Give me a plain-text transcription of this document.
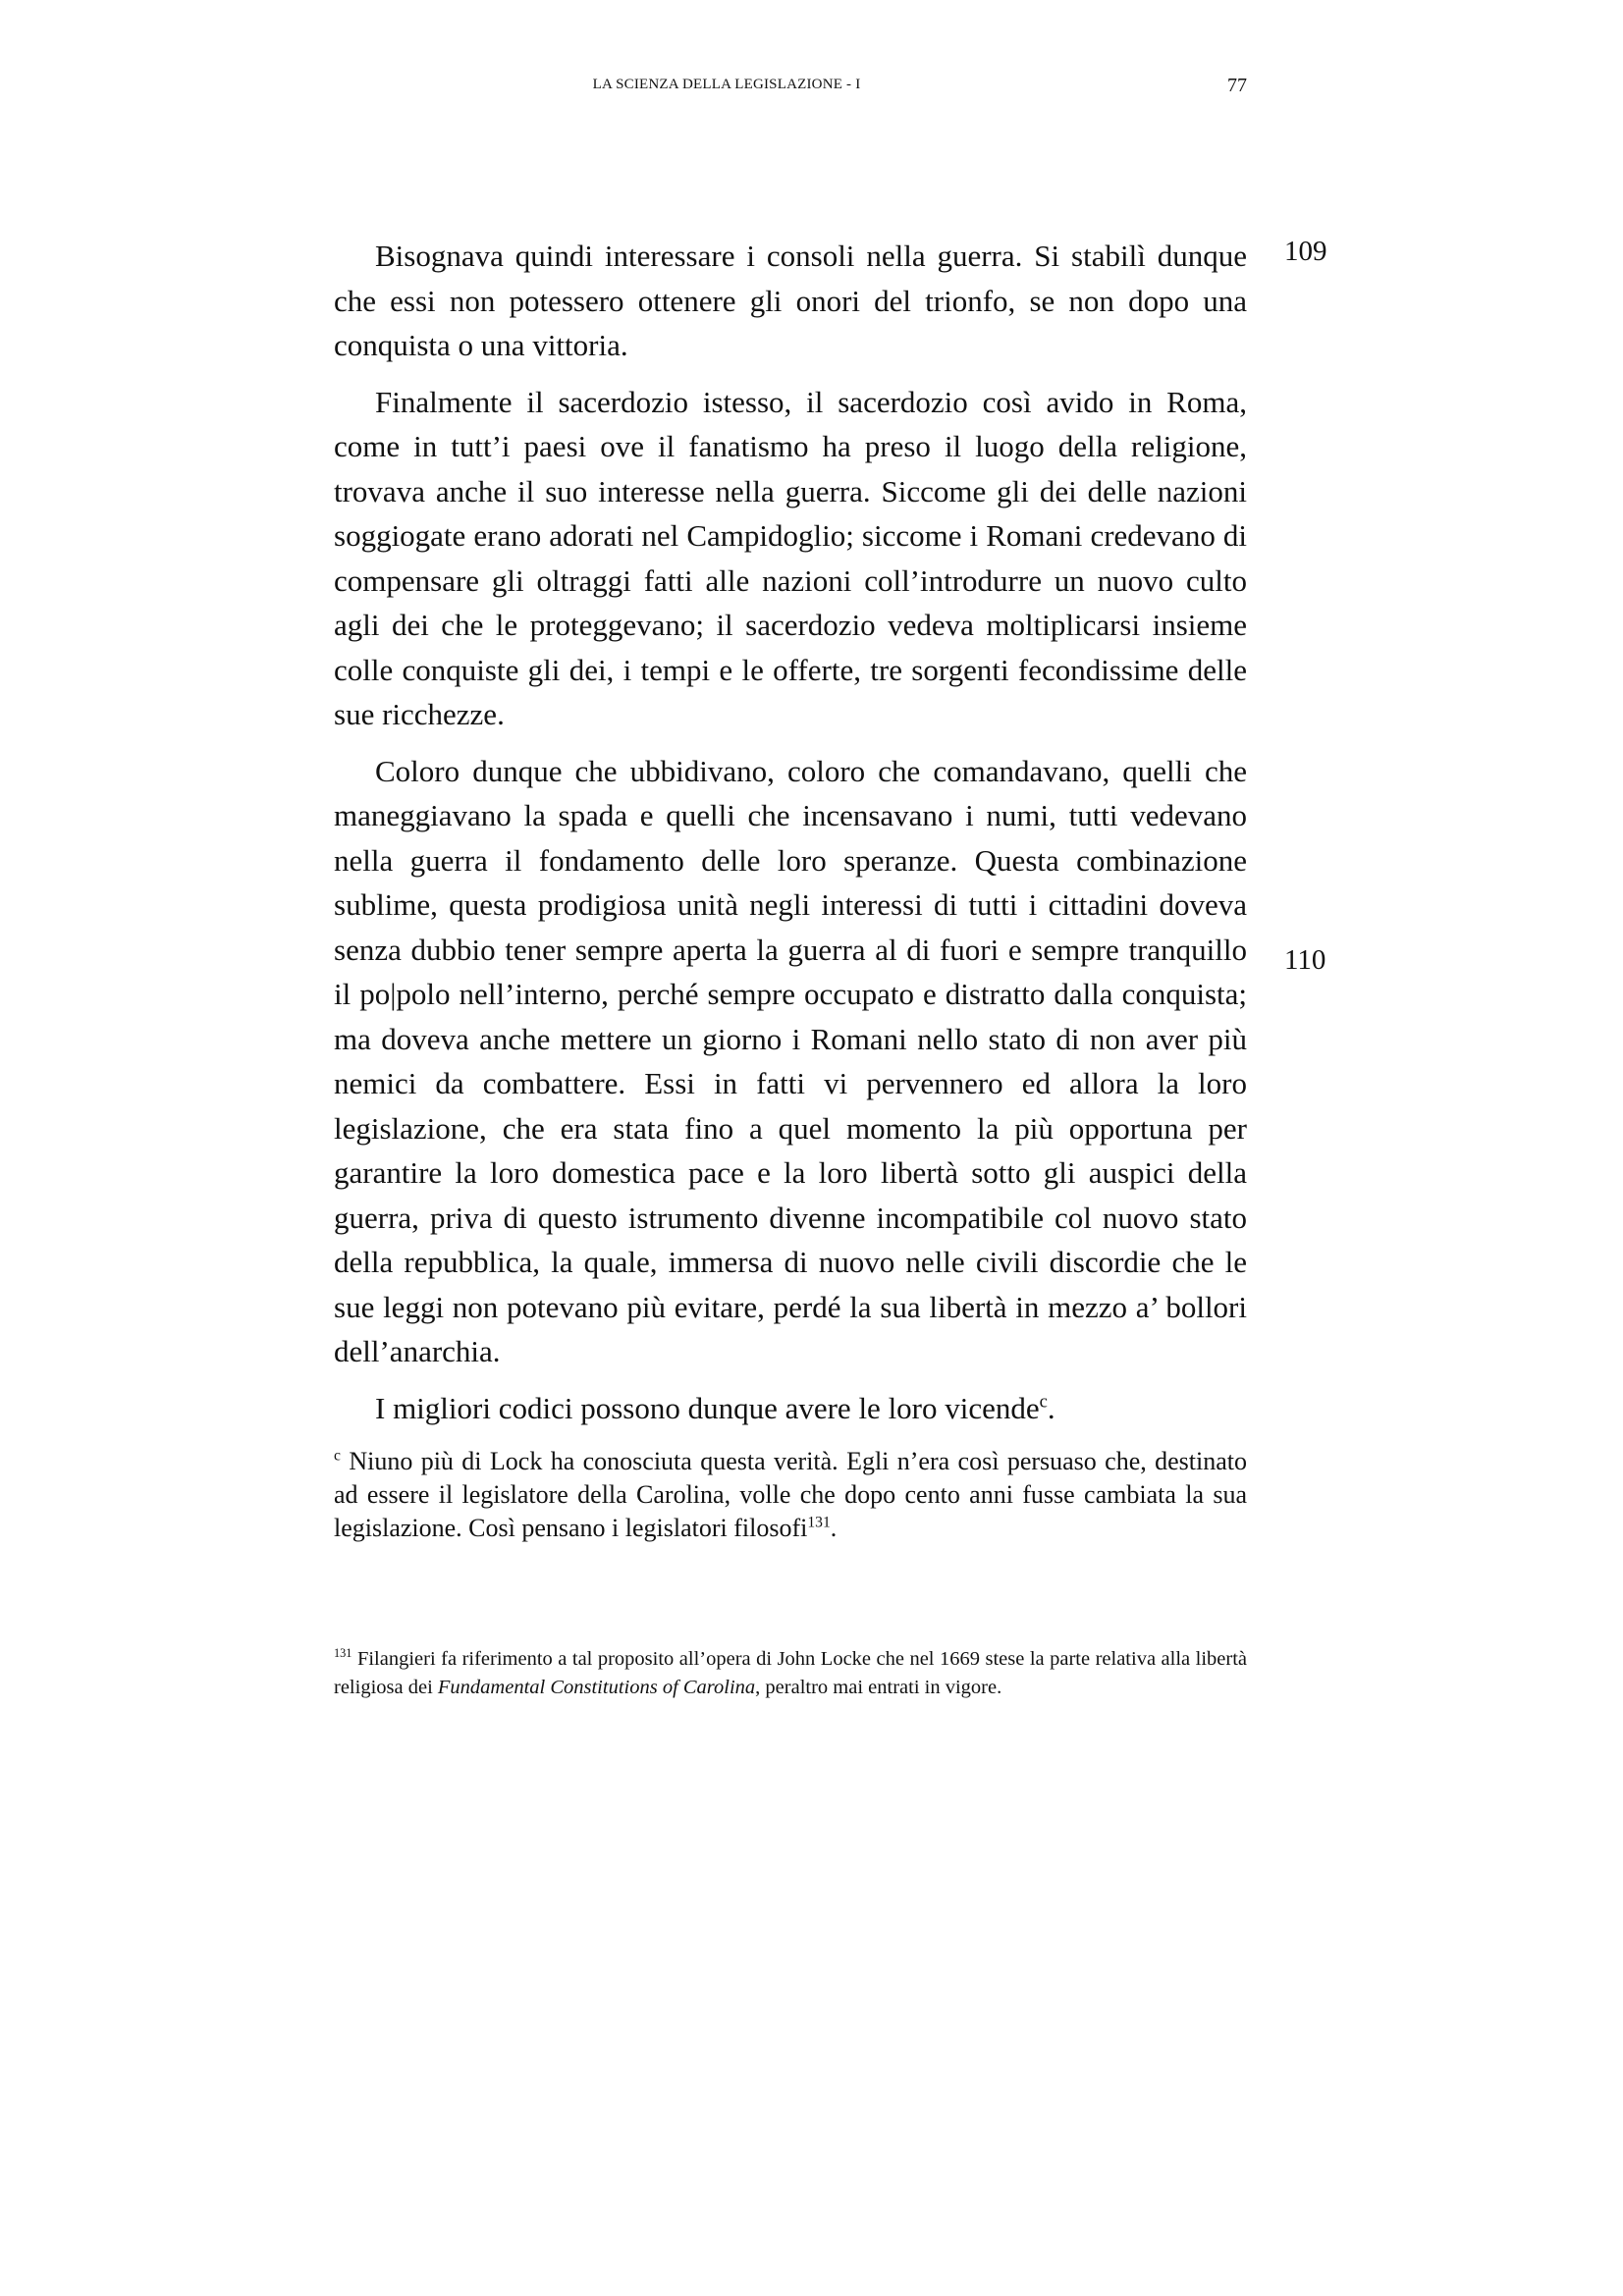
LA SCIENZA DELLA LEGISLAZIONE - I	77
109
110

Bisognava quindi interessare i consoli nella guerra. Si stabilì dunque che essi non potessero ottenere gli onori del trionfo, se non dopo una conquista o una vittoria.

Finalmente il sacerdozio istesso, il sacerdozio così avido in Roma, come in tutt’i paesi ove il fanatismo ha preso il luogo della religione, trovava anche il suo interesse nella guerra. Siccome gli dei delle nazioni soggiogate erano adorati nel Campidoglio; siccome i Romani credevano di compensare gli oltraggi fatti alle nazioni coll’introdurre un nuovo culto agli dei che le proteggevano; il sacerdozio vedeva moltiplicarsi insieme colle conquiste gli dei, i tempi e le offerte, tre sorgenti fecondissime delle sue ricchezze.

Coloro dunque che ubbidivano, coloro che comandavano, quelli che maneggiavano la spada e quelli che incensavano i numi, tutti vedevano nella guerra il fondamento delle loro speranze. Questa combinazione sublime, questa prodigiosa unità negli interessi di tutti i cittadini doveva senza dubbio tener sempre aperta la guerra al di fuori e sempre tranquillo il po|polo nell’interno, perché sempre occupato e distratto dalla conquista; ma doveva anche mettere un giorno i Romani nello stato di non aver più nemici da combattere. Essi in fatti vi pervennero ed allora la loro legislazione, che era stata fino a quel momento la più opportuna per garantire la loro domestica pace e la loro libertà sotto gli auspici della guerra, priva di questo istrumento divenne incompatibile col nuovo stato della repubblica, la quale, immersa di nuovo nelle civili discordie che le sue leggi non potevano più evitare, perdé la sua libertà in mezzo a’ bollori dell’anarchia.

I migliori codici possono dunque avere le loro vicende$^c$.

$^c$ Niuno più di Lock ha conosciuta questa verità. Egli n’era così persuaso che, destinato ad essere il legislatore della Carolina, volle che dopo cento anni fusse cambiata la sua legislazione. Così pensano i legislatori filosofi$^{131}$.

$^{131}$ Filangieri fa riferimento a tal proposito all’opera di John Locke che nel 1669 stese la parte relativa alla libertà religiosa dei Fundamental Constitutions of Carolina, peraltro mai entrati in vigore.
